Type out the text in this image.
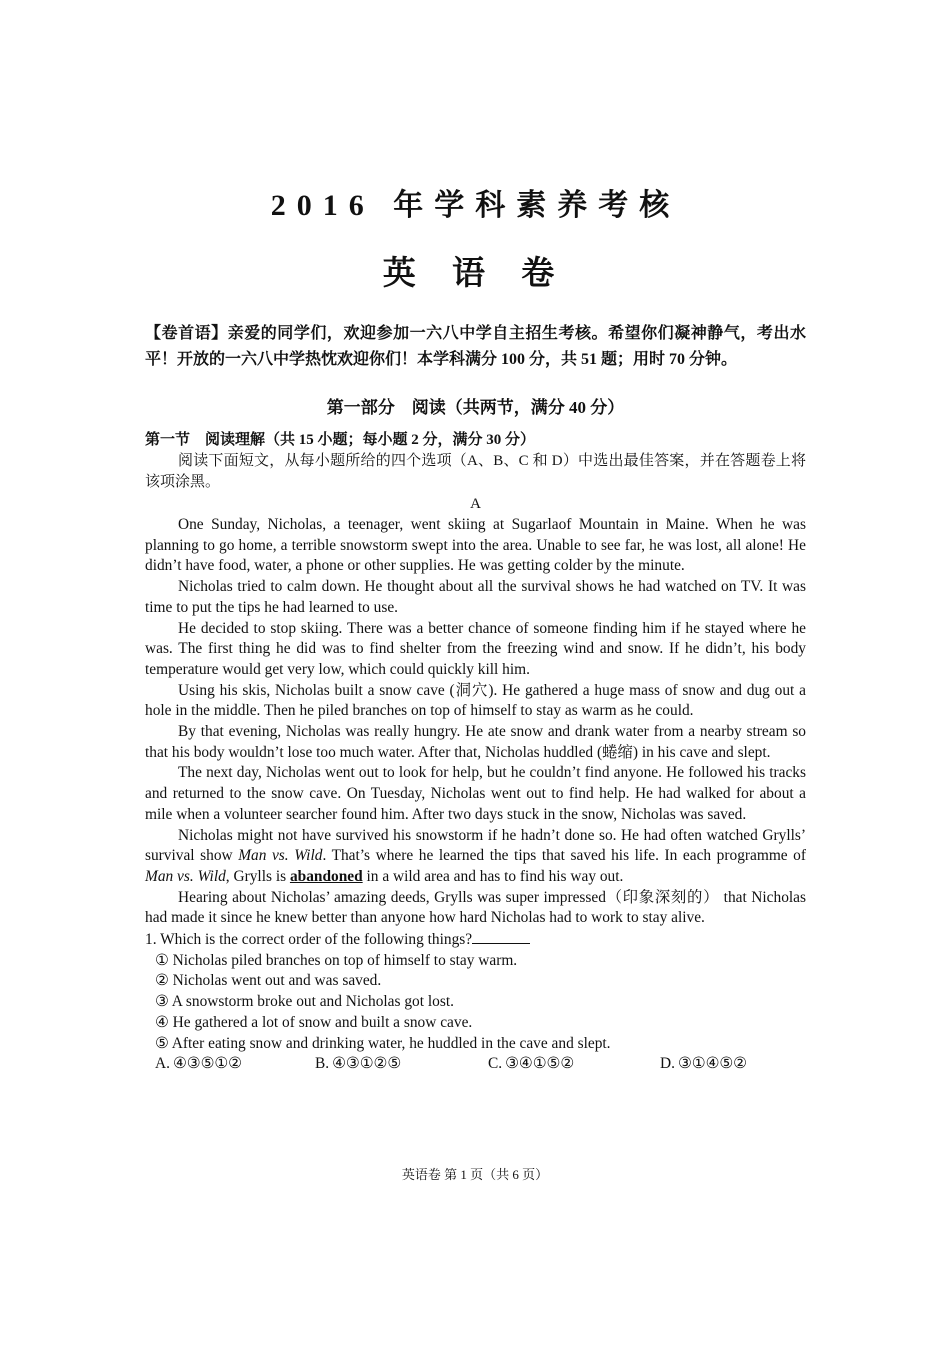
2016 年学科素养考核
英 语 卷
【卷首语】亲爱的同学们，欢迎参加一六八中学自主招生考核。希望你们凝神静气，考出水平！开放的一六八中学热忱欢迎你们！本学科满分 100 分，共 51 题；用时 70 分钟。
第一部分　阅读（共两节，满分 40 分）
第一节　阅读理解（共 15 小题；每小题 2 分，满分 30 分）
阅读下面短文，从每小题所给的四个选项（A、B、C 和 D）中选出最佳答案，并在答题卷上将该项涂黑。
A

One Sunday, Nicholas, a teenager, went skiing at Sugarlaof Mountain in Maine. When he was planning to go home, a terrible snowstorm swept into the area. Unable to see far, he was lost, all alone! He didn’t have food, water, a phone or other supplies. He was getting colder by the minute.

Nicholas tried to calm down. He thought about all the survival shows he had watched on TV. It was time to put the tips he had learned to use.

He decided to stop skiing. There was a better chance of someone finding him if he stayed where he was. The first thing he did was to find shelter from the freezing wind and snow. If he didn’t, his body temperature would get very low, which could quickly kill him.

Using his skis, Nicholas built a snow cave (洞穴). He gathered a huge mass of snow and dug out a hole in the middle. Then he piled branches on top of himself to stay as warm as he could.

By that evening, Nicholas was really hungry. He ate snow and drank water from a nearby stream so that his body wouldn’t lose too much water. After that, Nicholas huddled (蜷缩) in his cave and slept.

The next day, Nicholas went out to look for help, but he couldn’t find anyone. He followed his tracks and returned to the snow cave. On Tuesday, Nicholas went out to find help. He had walked for about a mile when a volunteer searcher found him. After two days stuck in the snow, Nicholas was saved.

Nicholas might not have survived his snowstorm if he hadn’t done so. He had often watched Grylls’ survival show Man vs. Wild. That’s where he learned the tips that saved his life. In each programme of Man vs. Wild, Grylls is abandoned in a wild area and has to find his way out.

Hearing about Nicholas’ amazing deeds, Grylls was super impressed（印象深刻的） that Nicholas had made it since he knew better than anyone how hard Nicholas had to work to stay alive.

1. Which is the correct order of the following things?

① Nicholas piled branches on top of himself to stay warm.

② Nicholas went out and was saved.

③ A snowstorm broke out and Nicholas got lost.

④ He gathered a lot of snow and built a snow cave.

⑤ After eating snow and drinking water, he huddled in the cave and slept.

A. ④③⑤①②	B. ④③①②⑤	C. ③④①⑤②	D. ③①④⑤②
英语卷 第 1 页（共 6 页）
